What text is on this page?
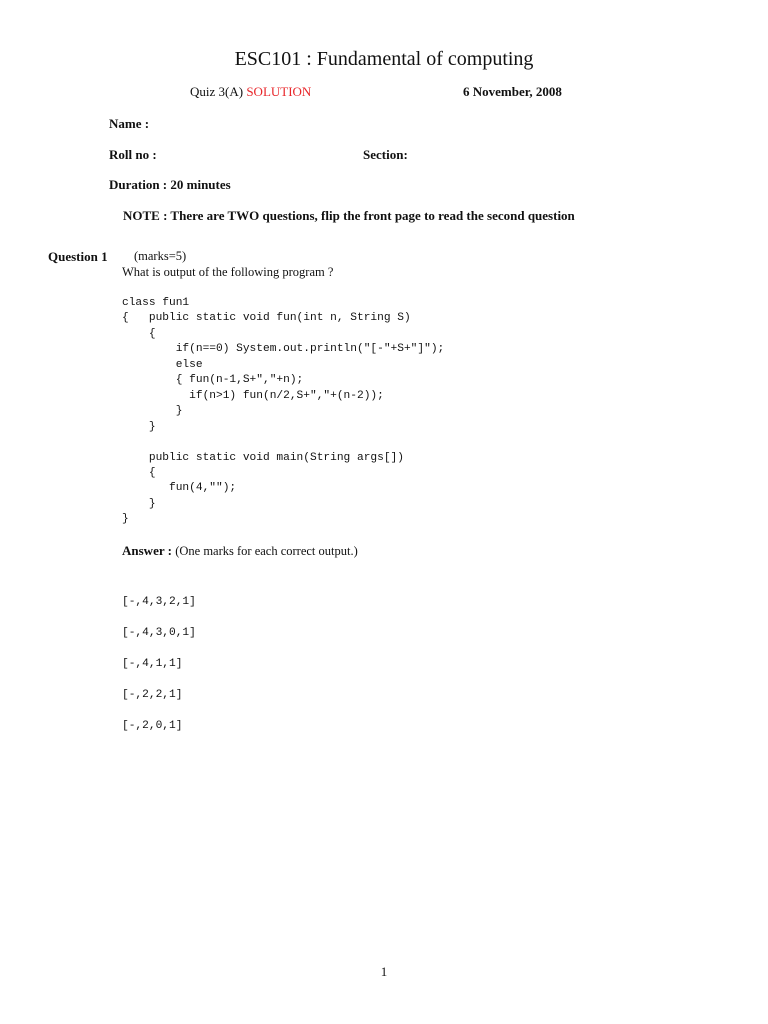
ESC101 : Fundamental of computing
Quiz 3(A) SOLUTION	6 November, 2008
Name :
Roll no :	Section:
Duration : 20 minutes
NOTE : There are TWO questions, flip the front page to read the second question
Question 1 (marks=5)
What is output of the following program ?
class fun1
{   public static void fun(int n, String S)
{
if(n==0) System.out.println("[-"+S+"]");
else
{ fun(n-1,S+","+n);
if(n>1) fun(n/2,S+","+(n-2));
}
}

public static void main(String args[])
{
fun(4,"");
}
}
Answer : (One marks for each correct output.)
[-,4,3,2,1]
[-,4,3,0,1]
[-,4,1,1]
[-,2,2,1]
[-,2,0,1]
1
